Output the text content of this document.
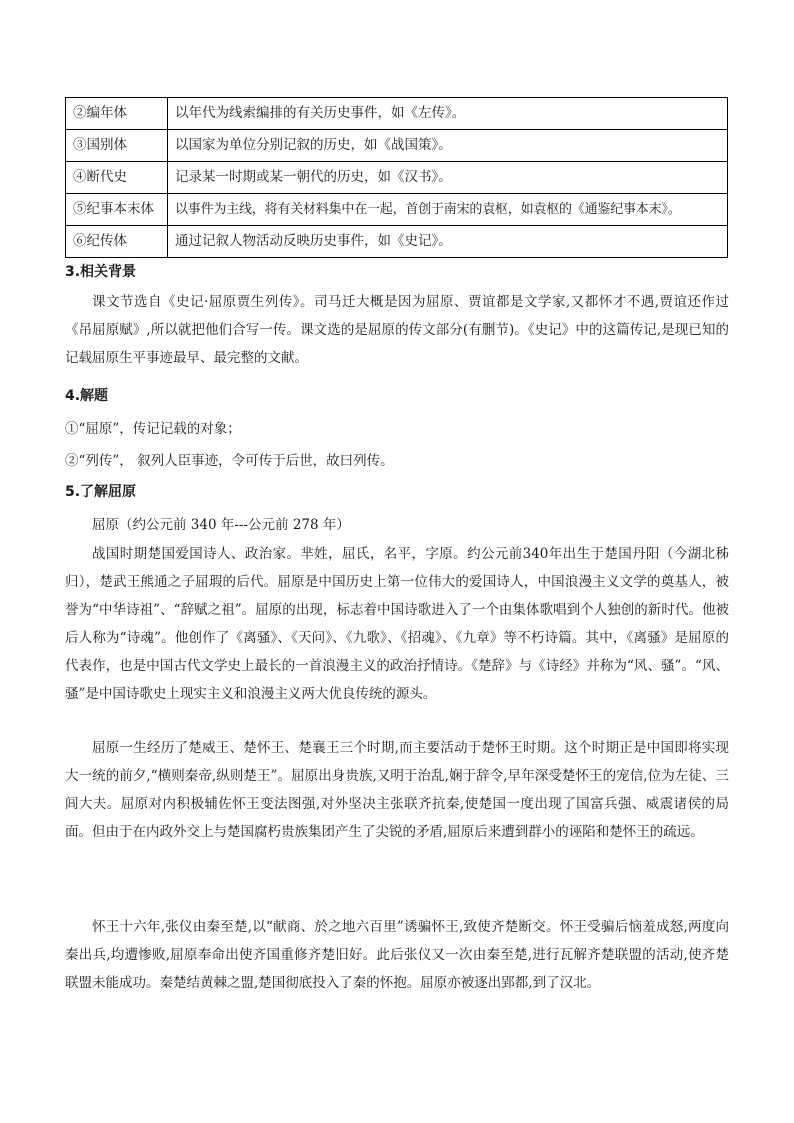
②编年体	以年代为线索编排的有关历史事件，如《左传》。
③国别体	以国家为单位分别记叙的历史，如《战国策》。
④断代史	记录某一时期或某一朝代的历史，如《汉书》。
⑤纪事本末体	以事件为主线，将有关材料集中在一起，首创于南宋的袁枢，如袁枢的《通鉴纪事本末》。
⑥纪传体	通过记叙人物活动反映历史事件，如《史记》。
3.相关背景

课文节选自《史记·屈原贾生列传》。司马迁大概是因为屈原、贾谊都是文学家,又都怀才不遇,贾谊还作过《吊屈原赋》,所以就把他们合写一传。课文选的是屈原的传文部分(有删节)。《史记》中的这篇传记,是现已知的记载屈原生平事迹最早、最完整的文献。

4.解题
①“屈原”，传记记载的对象；
②“列传”， 叙列人臣事迹，令可传于后世，故曰列传。
5.了解屈原
屈原（约公元前 340 年---公元前 278 年）

战国时期楚国爱国诗人、政治家。芈姓，屈氏，名平，字原。约公元前340年出生于楚国丹阳（今湖北秭归），楚武王熊通之子屈瑕的后代。屈原是中国历史上第一位伟大的爱国诗人，中国浪漫主义文学的奠基人，被誉为“中华诗祖”、“辞赋之祖”。屈原的出现，标志着中国诗歌进入了一个由集体歌唱到个人独创的新时代。他被后人称为“诗魂”。他创作了《离骚》、《天问》、《九歌》、《招魂》、《九章》等不朽诗篇。其中，《离骚》是屈原的代表作，也是中国古代文学史上最长的一首浪漫主义的政治抒情诗。《楚辞》与《诗经》并称为“风、骚”。“风、骚”是中国诗歌史上现实主义和浪漫主义两大优良传统的源头。

屈原一生经历了楚威王、楚怀王、楚襄王三个时期,而主要活动于楚怀王时期。这个时期正是中国即将实现大一统的前夕,“横则秦帝,纵则楚王”。屈原出身贵族,又明于治乱,娴于辞令,早年深受楚怀王的宠信,位为左徒、三闾大夫。屈原对内积极辅佐怀王变法图强,对外坚决主张联齐抗秦,使楚国一度出现了国富兵强、威震诸侯的局面。但由于在内政外交上与楚国腐朽贵族集团产生了尖锐的矛盾,屈原后来遭到群小的诬陷和楚怀王的疏远。

怀王十六年,张仪由秦至楚,以“献商、於之地六百里”诱骗怀王,致使齐楚断交。怀王受骗后恼羞成怒,两度向秦出兵,均遭惨败,屈原奉命出使齐国重修齐楚旧好。此后张仪又一次由秦至楚,进行瓦解齐楚联盟的活动,使齐楚联盟未能成功。秦楚结黄棘之盟,楚国彻底投入了秦的怀抱。屈原亦被逐出郢都,到了汉北。
